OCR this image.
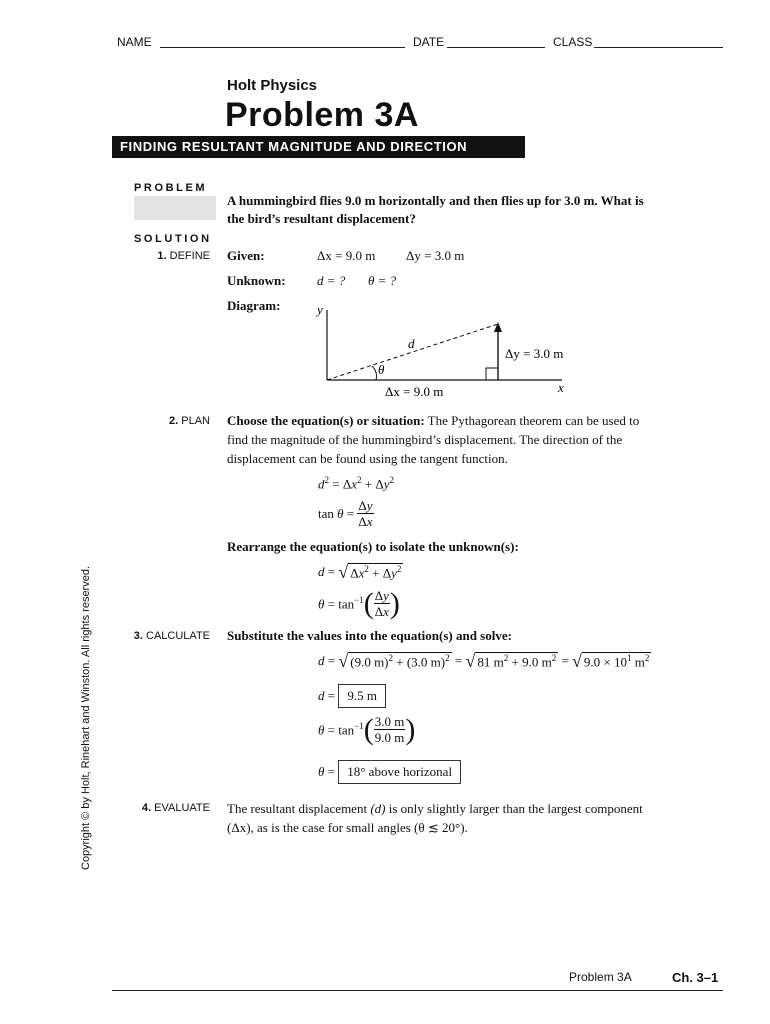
NAME	DATE	CLASS
Holt Physics
Problem 3A
FINDING RESULTANT MAGNITUDE AND DIRECTION
PROBLEM
A hummingbird flies 9.0 m horizontally and then flies up for 3.0 m. What is the bird’s resultant displacement?
SOLUTION
1. DEFINE Given:	Δx = 9.0 m Δy = 3.0 m
Unknown: d = ? θ = ?
Diagram:	y
x
d
Δy = 3.0 m
θ
Δx = 9.0 m
2. PLAN Choose the equation(s) or situation: The Pythagorean theorem can be used to find the magnitude of the hummingbird’s displacement. The direction of the displacement can be found using the tangent function.
$d^2 = \Delta x^2 + \Delta y^2$
$\tan \theta = \frac{\Delta y}{\Delta x}$
Rearrange the equation(s) to isolate the unknown(s):
d = √ $\Delta x^2 + \Delta y^2$
$\theta = \tan^{-1}$ ( Δy
Δx )
3. CALCULATE Substitute the values into the equation(s) and solve:
d = √ (9.0 m)$^2$ + (3.0 m)$^2$ = √ 81 $m^2 + 9.0$ $m^2$ = √ $9.0 \times 10^1$ $m^2$
d = 9.5 m
$\theta = \tan^{-1}$ ( 3.0 m
9.0 m )
θ = 18° above horizonal
4. EVALUATE The resultant displacement (d) is only slightly larger than the largest component
(Δx), as is the case for small angles (θ ≲ 20°).
Copyright © by Holt, Rinehart and Winston. All rights reserved.
Problem 3A	Ch. 3–1
